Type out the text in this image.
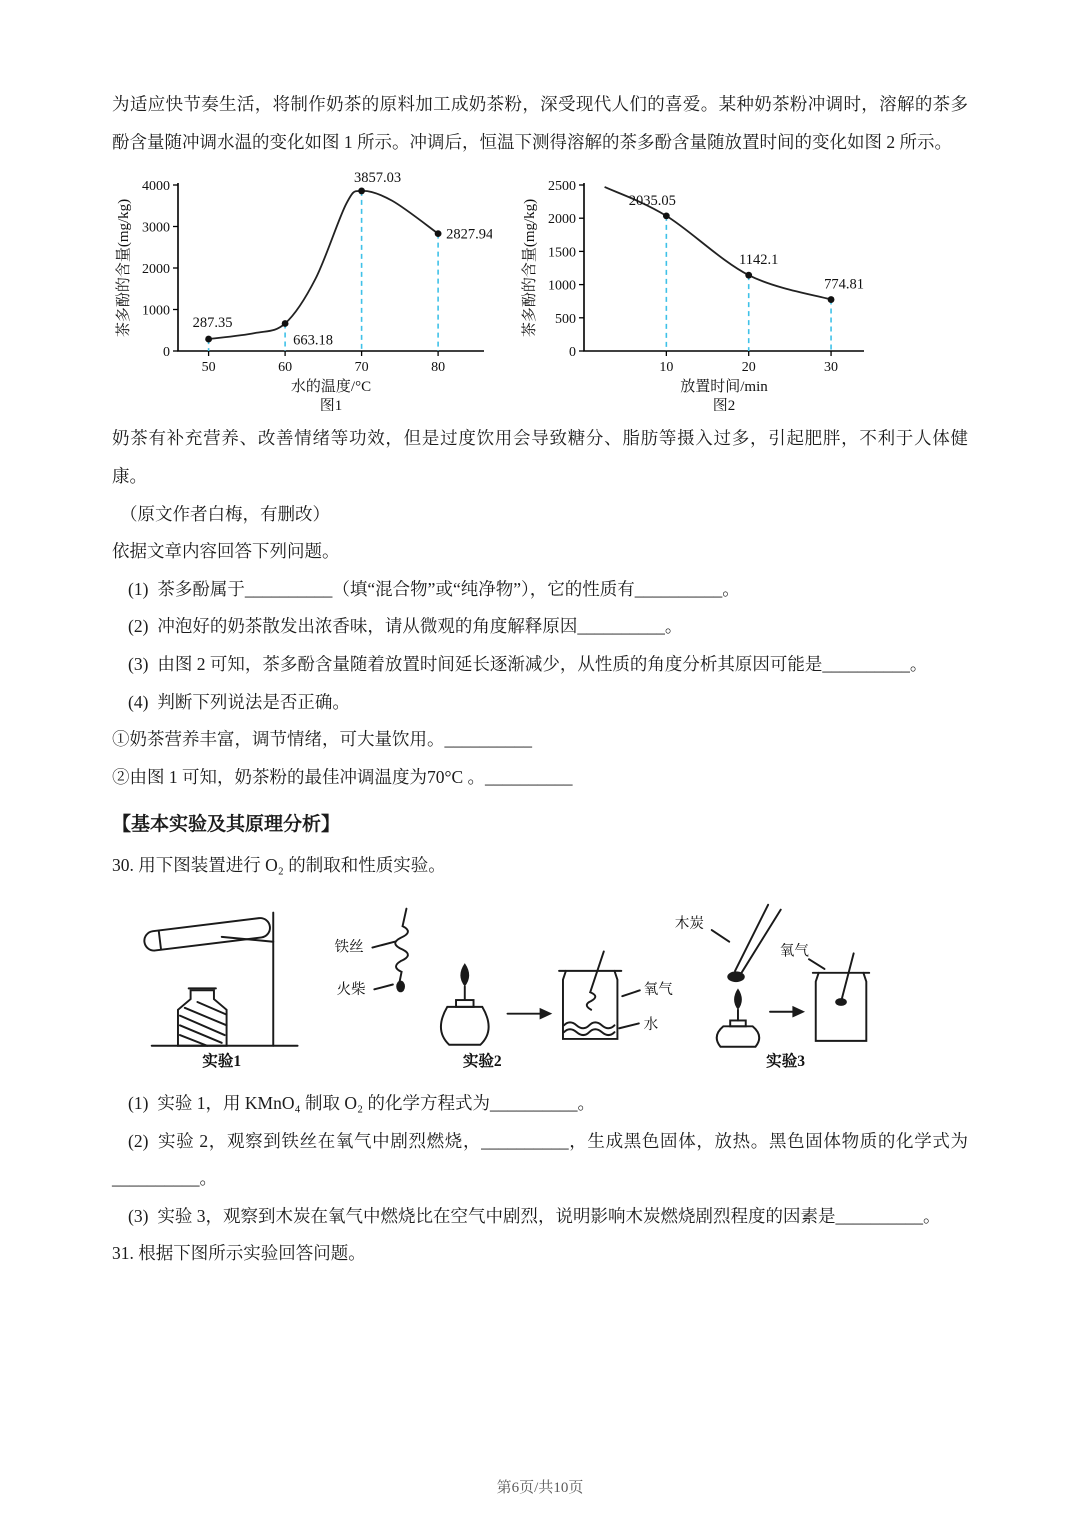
为适应快节奏生活，将制作奶茶的原料加工成奶茶粉，深受现代人们的喜爱。某种奶茶粉冲调时，溶解的茶多酚含量随冲调水温的变化如图 1 所示。冲调后，恒温下测得溶解的茶多酚含量随放置时间的变化如图 2 所示。

0
1000
2000
3000
4000
50	60	70	80
287.35
663.18
3857.03
2827.94
水的温度/°C
茶多酚的含量(mg/kg)
图1
0
500
1000
1500
2000
2500
10	20	30
2035.05
1142.1
774.81
放置时间/min
茶多酚的含量(mg/kg)
图2

奶茶有补充营养、改善情绪等功效，但是过度饮用会导致糖分、脂肪等摄入过多，引起肥胖，不利于人体健康。

（原文作者白梅，有删改）

依据文章内容回答下列问题。

(1) 茶多酚属于__________（填“混合物”或“纯净物”），它的性质有__________。

(2) 冲泡好的奶茶散发出浓香味，请从微观的角度解释原因__________。

(3) 由图 2 可知，茶多酚含量随着放置时间延长逐渐减少，从性质的角度分析其原因可能是__________。

(4) 判断下列说法是否正确。

①奶茶营养丰富，调节情绪，可大量饮用。__________

②由图 1 可知，奶茶粉的最佳冲调温度为70°C 。__________

【基本实验及其原理分析】

30. 用下图装置进行 O₂ 的制取和性质实验。

铁丝
火柴	氧气
水
木炭
氧气
实验1	实验2	实验3

(1) 实验 1，用 KMnO₄ 制取 O₂ 的化学方程式为__________。

(2) 实验 2，观察到铁丝在氧气中剧烈燃烧，__________，生成黑色固体，放热。黑色固体物质的化学式为__________。

(3) 实验 3，观察到木炭在氧气中燃烧比在空气中剧烈，说明影响木炭燃烧剧烈程度的因素是__________。

31. 根据下图所示实验回答问题。

第6页/共10页
